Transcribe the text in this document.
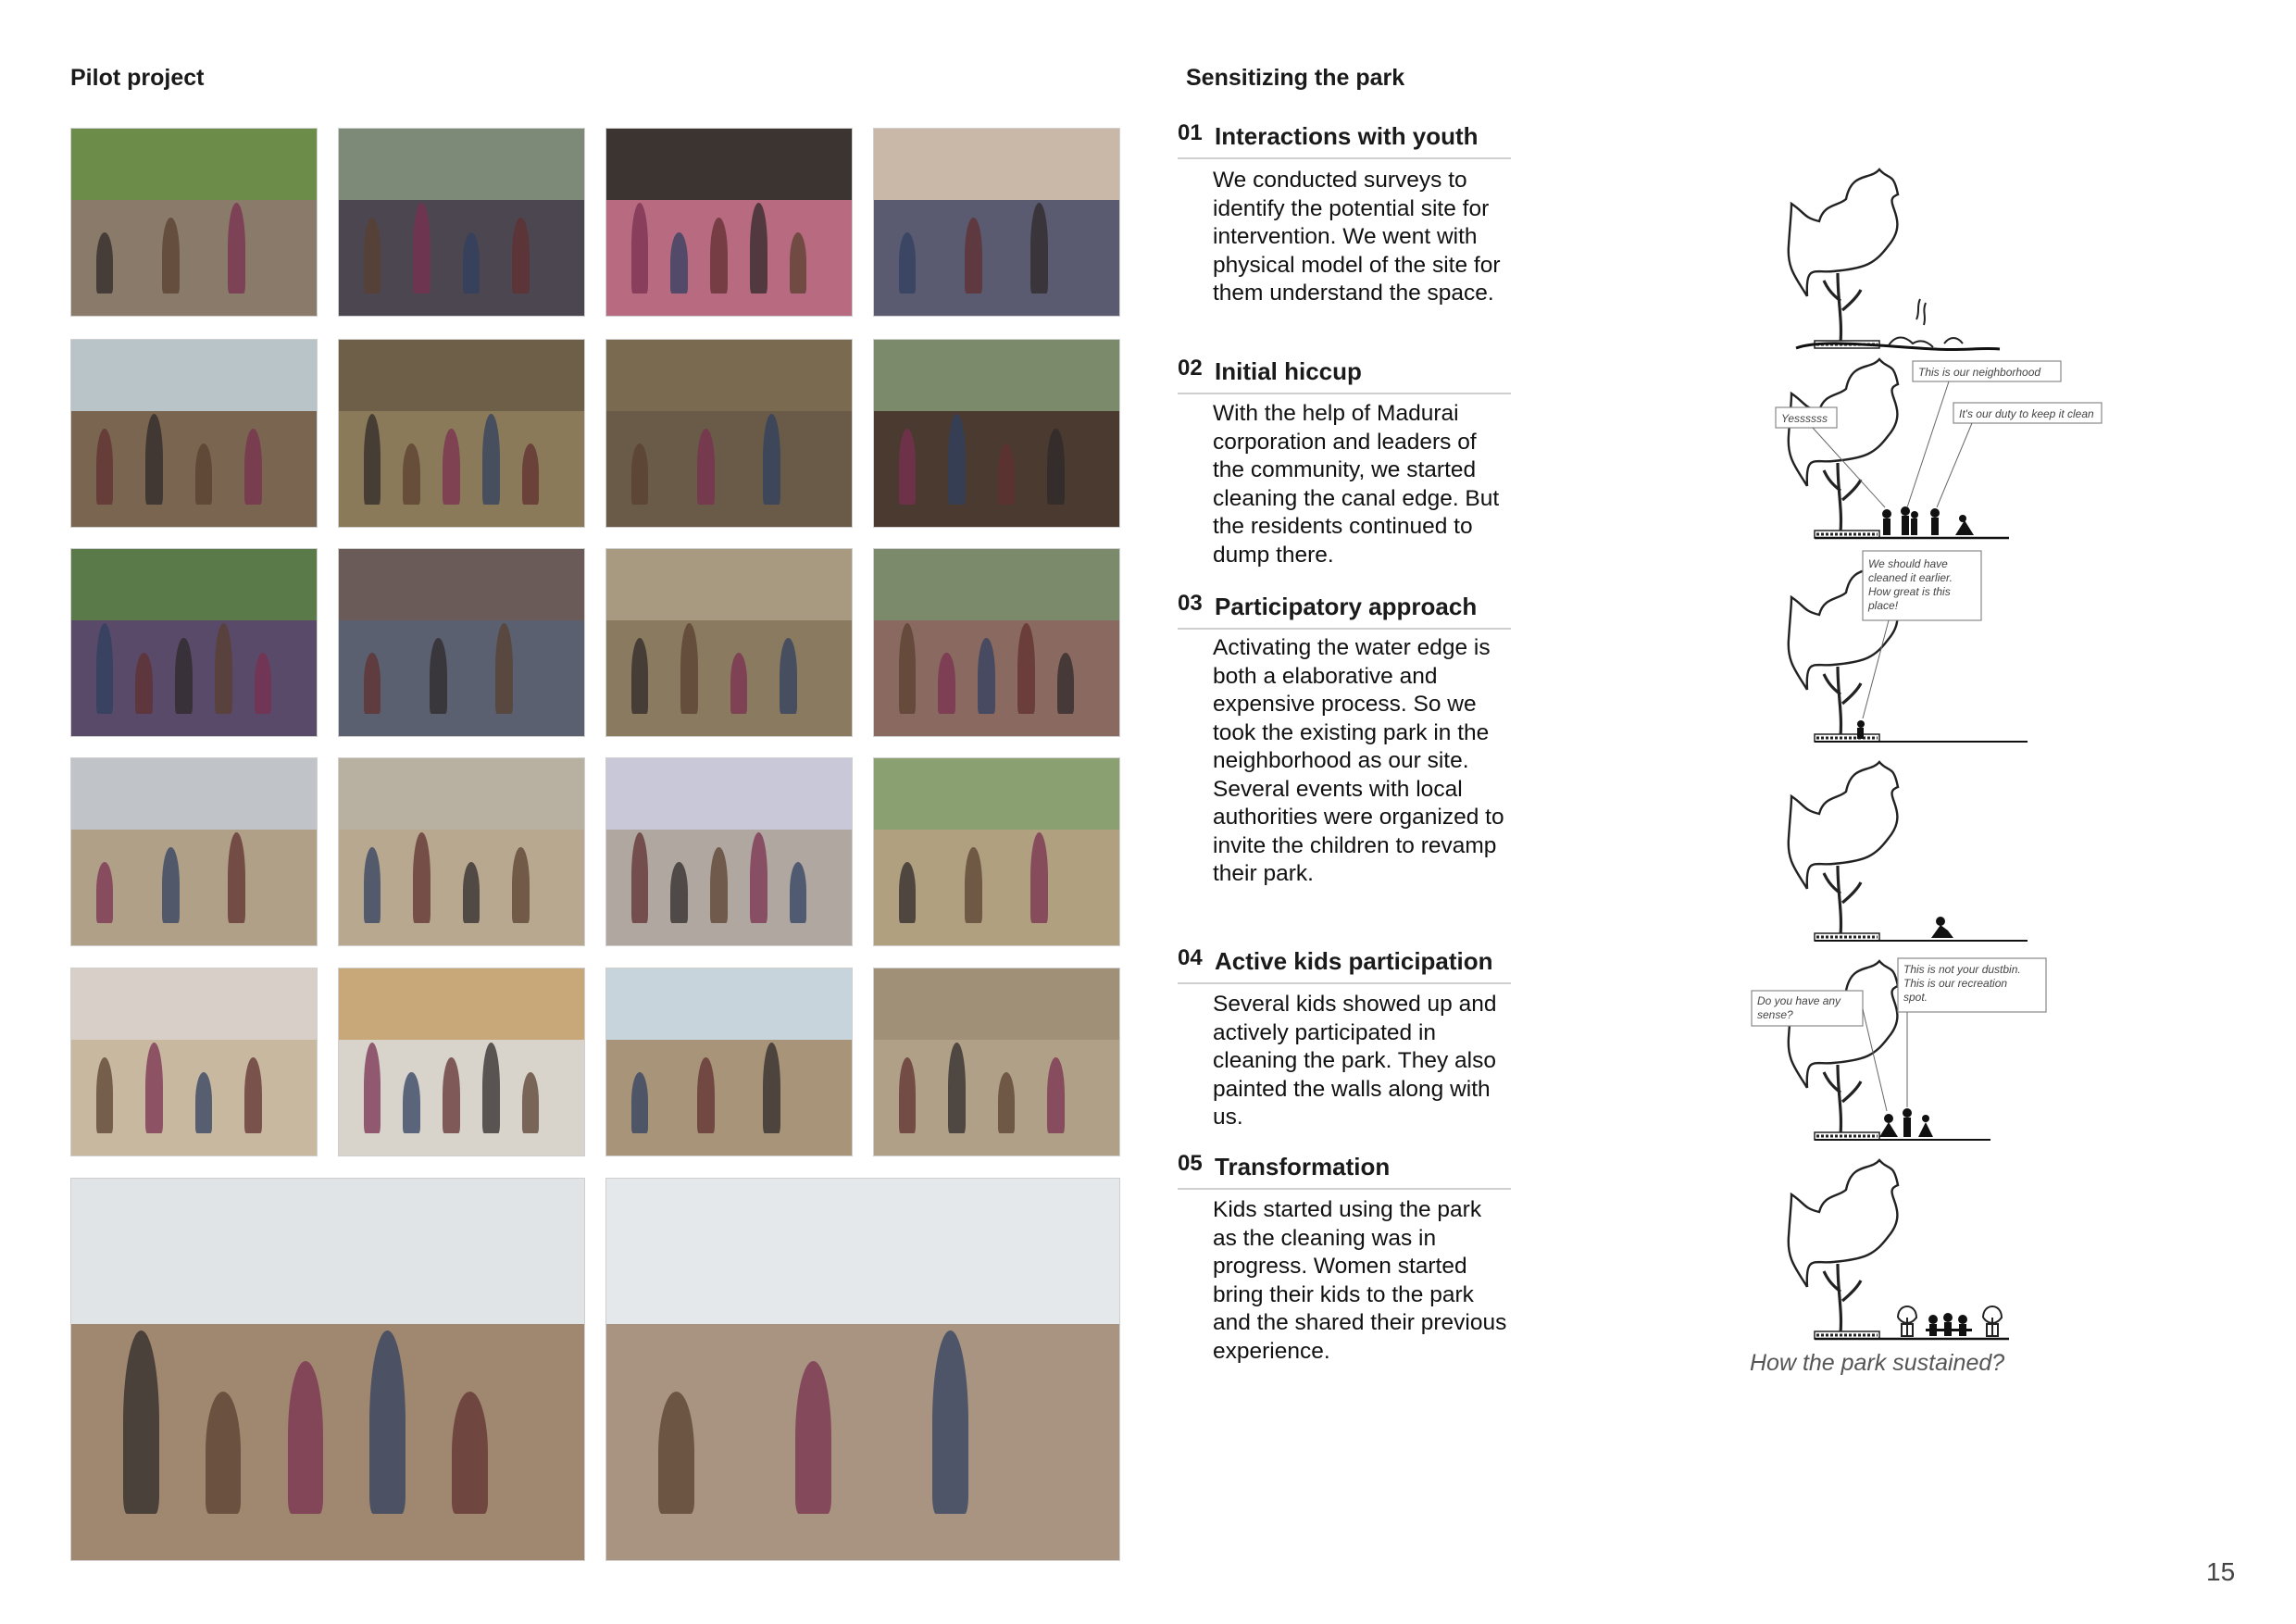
Pilot project	Sensitizing the park
01 Interactions with youth
We conducted surveys to identify the potential site for intervention. We went with physical model of the site for them understand the space.
02 Initial hiccup
With the help of Madurai corporation and leaders of the community, we started cleaning the canal edge. But the residents continued to dump there.
03 Participatory approach
Activating the water edge is both a elaborative and expensive process. So we took the existing park in the neighborhood as our site. Several events with local authorities were organized to invite the children to revamp their park.
04 Active kids participation
Several kids showed up and actively participated in cleaning the park. They also painted the walls along with us.
05 Transformation
Kids started using the park as the cleaning was in progress. Women started bring their kids to the park and the shared their previous experience.
This is our neighborhood
Yessssss	It's our duty to keep it clean
We should have
cleaned it earlier.
How great is this
place!
This is not your dustbin.
This is our recreation
spot.
Do you have any
sense?
How the park sustained?
15
